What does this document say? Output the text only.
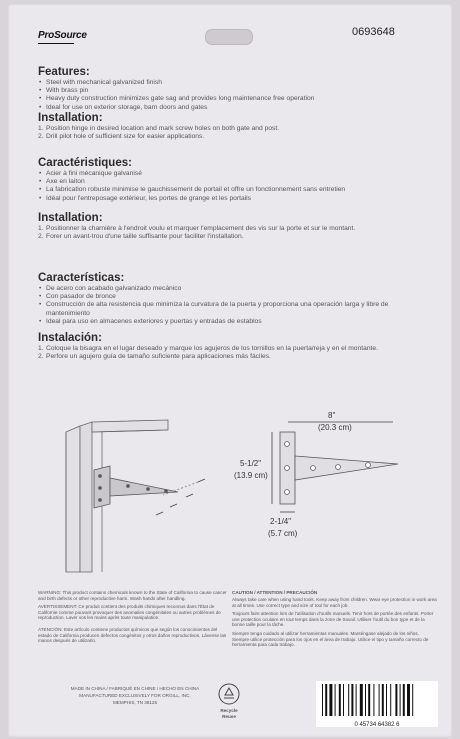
ProSource	0693648
Features:
• Steel with mechanical galvanized finish
• With brass pin
• Heavy duty construction minimizes gate sag and provides long maintenance free operation
• Ideal for use on exterior storage, barn doors and gates
Installation:
1. Position hinge in desired location and mark screw holes on both gate and post.
2. Drill pilot hole of sufficient size for easier applications.
Caractéristiques:
• Acier à fini mécanique galvanisé
• Axe en laiton
• La fabrication robuste minimise le gauchissement de portail et offre un fonctionnement sans entretien
• Idéal pour l'entreposage extérieur, les portes de grange et les portails
Installation:
1. Positionner la charnière à l'endroit voulu et marquer l'emplacement des vis sur la porte et sur le montant.
2. Forer un avant-trou d'une taille suffisante pour faciliter l'installation.
Características:
• De acero con acabado galvanizado mecánico
• Con pasador de bronce
• Construcción de alta resistencia que minimiza la curvatura de la puerta y proporciona una operación larga y libre de mantenimiento
• Ideal para uso en almacenes exteriores y puertas y entradas de establos
Instalación:
1. Coloque la bisagra en el lugar deseado y marque los agujeros de los tornillos en la puerta/reja y en el montante.
2. Perfore un agujero guía de tamaño suficiente para aplicaciones más fáciles.
8"
(20.3 cm)
5-1/2"
(13.9 cm)
2-1/4"
(5.7 cm)
WARNING: This product contains chemicals known to the State of California to cause cancer and birth defects or other reproductive harm. Wash hands after handling.
AVERTISSEMENT: Ce produit contient des produits chimiques reconnus dans l'État de Californie comme pouvant provoquer des anomalies congénitales ou autres problèmes de reproduction. Laver vos les mains après toute manipulation.
ATENCIÓN: Este artículo contiene productos químicos que según los conocimientos del estado de California producen defectos congénitos y otros daños reproductivos. Lávense las manos después de utilizarlo.
CAUTION / ATTENTION / PRECAUCIÓN
Always take care when using hand tools. Keep away from children. Wear eye protection in work area at all times. Use correct type and size of tool for each job.
Toujours faire attention lors de l'utilisation d'outils manuels. Tenir hors de portée des enfants. Porter une protection oculaire en tout temps dans la zone de travail. Utiliser l'outil du bon type et de la bonne taille pour la tâche.
Siempre tenga cuidado al utilizar herramientas manuales. Manténgase alejado de los niños. Siempre utilice protección para los ojos en el área de trabajo. Utilice el tipo y tamaño correcto de herramienta para cada trabajo.
MADE IN CHINA / FABRIQUÉ EN CHINE / HECHO EN CHINA
MANUFACTURED EXCLUSIVELY FOR ORGILL, INC.
MEMPHIS, TN 38125
Recycle
Reuse
0 45734 64382 6
